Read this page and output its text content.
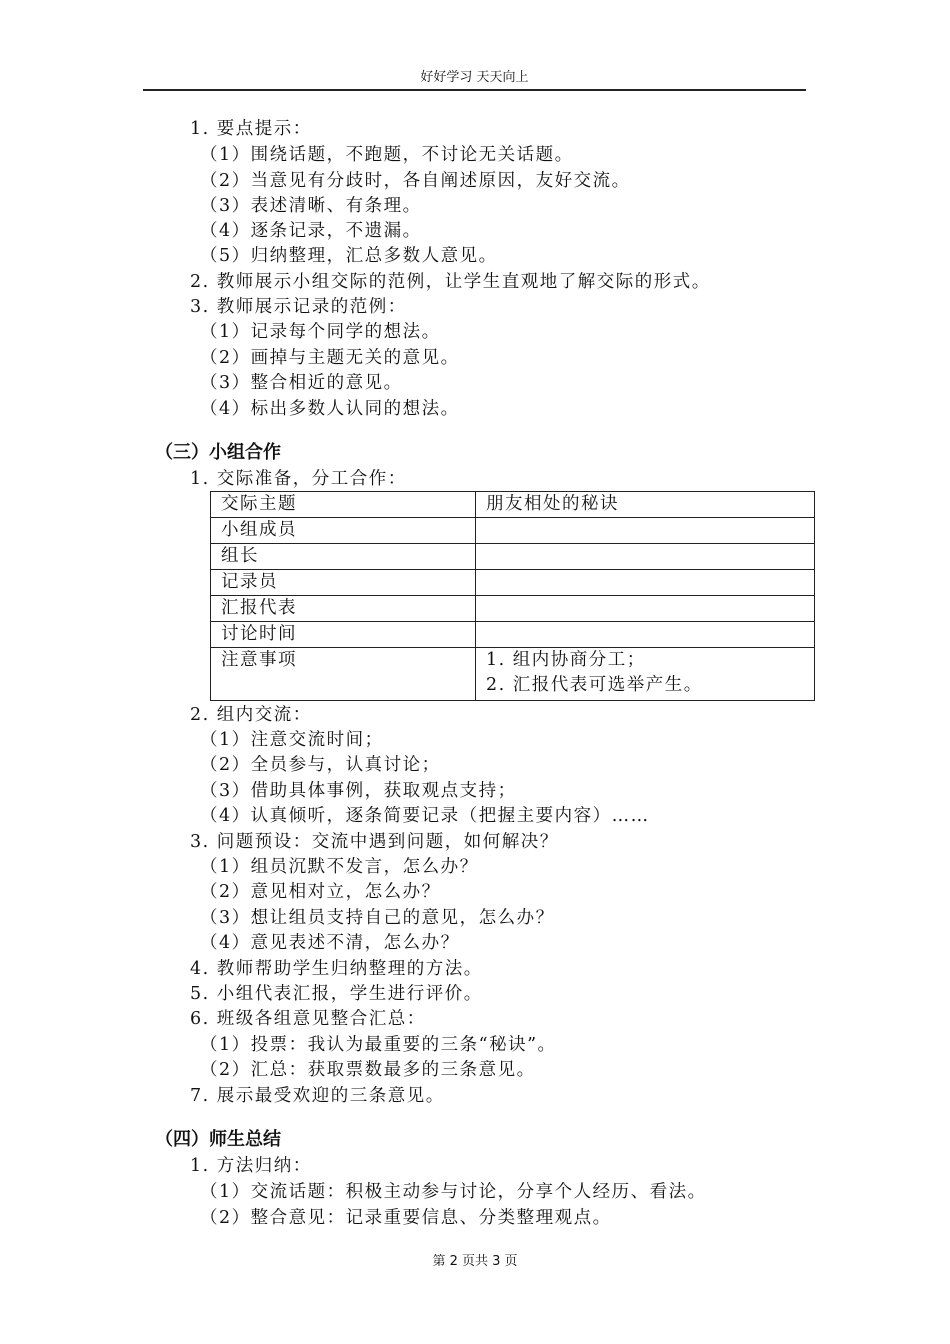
好好学习 天天向上
1. 要点提示：
（1）围绕话题，不跑题，不讨论无关话题。
（2）当意见有分歧时，各自阐述原因，友好交流。
（3）表述清晰、有条理。
（4）逐条记录，不遗漏。
（5）归纳整理，汇总多数人意见。
2. 教师展示小组交际的范例，让学生直观地了解交际的形式。
3. 教师展示记录的范例：
（1）记录每个同学的想法。
（2）画掉与主题无关的意见。
（3）整合相近的意见。
（4）标出多数人认同的想法。
（三）小组合作
1. 交际准备，分工合作：
交际主题	朋友相处的秘诀
小组成员	
组长	
记录员	
汇报代表	
讨论时间	
注意事项	1. 组内协商分工；
2. 汇报代表可选举产生。
2. 组内交流：
（1）注意交流时间；
（2）全员参与，认真讨论；
（3）借助具体事例，获取观点支持；
（4）认真倾听，逐条简要记录（把握主要内容）……
3. 问题预设：交流中遇到问题，如何解决？
（1）组员沉默不发言，怎么办？
（2）意见相对立，怎么办？
（3）想让组员支持自己的意见，怎么办？
（4）意见表述不清，怎么办？
4. 教师帮助学生归纳整理的方法。
5. 小组代表汇报，学生进行评价。
6. 班级各组意见整合汇总：
（1）投票：我认为最重要的三条“秘诀”。
（2）汇总：获取票数最多的三条意见。
7. 展示最受欢迎的三条意见。
（四）师生总结
1. 方法归纳：
（1）交流话题：积极主动参与讨论，分享个人经历、看法。
（2）整合意见：记录重要信息、分类整理观点。
第 2 页共 3 页
